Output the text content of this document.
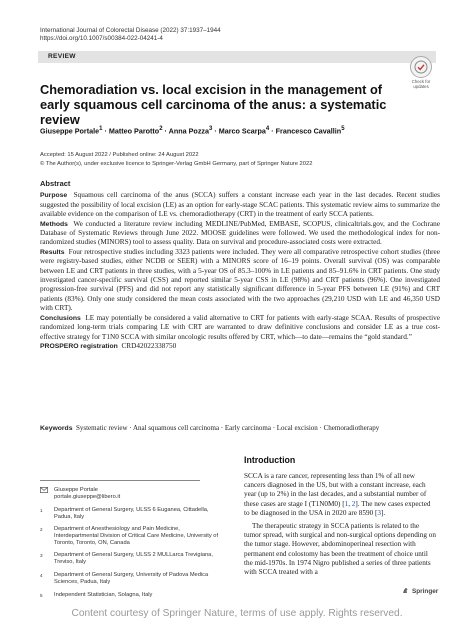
International Journal of Colorectal Disease (2022) 37:1937–1944
https://doi.org/10.1007/s00384-022-04241-4
REVIEW
Check for
updates
Chemoradiation vs. local excision in the management of early squamous cell carcinoma of the anus: a systematic review
Giuseppe Portale$^1$ · Matteo Parotto$^2$ · Anna Pozza$^3$ · Marco Scarpa$^4$ · Francesco Cavallin$^5$
Accepted: 15 August 2022 / Published online: 24 August 2022
© The Author(s), under exclusive licence to Springer-Verlag GmbH Germany, part of Springer Nature 2022
Abstract

Purpose Squamous cell carcinoma of the anus (SCCA) suffers a constant increase each year in the last decades. Recent studies suggested the possibility of local excision (LE) as an option for early-stage SCAC patients. This systematic review aims to summarize the available evidence on the comparison of LE vs. chemoradiotherapy (CRT) in the treatment of early SCCA patients.

Methods We conducted a literature review including MEDLINE/PubMed, EMBASE, SCOPUS, clinicaltrials.gov, and the Cochrane Database of Systematic Reviews through June 2022. MOOSE guidelines were followed. We used the methodological index for non-randomized studies (MINORS) tool to assess quality. Data on survival and procedure-associated costs were extracted.

Results Four retrospective studies including 3323 patients were included. They were all comparative retrospective cohort studies (three were registry-based studies, either NCDB or SEER) with a MINORS score of 16–19 points. Overall survival (OS) was comparable between LE and CRT patients in three studies, with a 5-year OS of 85.3–100% in LE patients and 85–91.6% in CRT patients. One study investigated cancer-specific survival (CSS) and reported similar 5-year CSS in LE (98%) and CRT patients (96%). One investigated progression-free survival (PFS) and did not report any statistically significant difference in 5-year PFS between LE (91%) and CRT patients (83%). Only one study considered the mean costs associated with the two approaches (29,210 USD with LE and 46,350 USD with CRT).

Conclusions LE may potentially be considered a valid alternative to CRT for patients with early-stage SCAA. Results of prospective randomized long-term trials comparing LE with CRT are warranted to draw definitive conclusions and consider LE as a true cost-effective strategy for T1N0 SCCA with similar oncologic results offered by CRT, which—to date—remains the “gold standard.”

PROSPERO registration CRD42022338750

Keywords Systematic review · Anal squamous cell carcinoma · Early carcinoma · Local excision · Chemoradiotherapy
Giuseppe Portale
portale.giuseppe@libero.it
1 Department of General Surgery, ULSS 6 Euganea, Cittadella, Padua, Italy
2 Department of Anesthesiology and Pain Medicine, Interdepartmental Division of Critical Care Medicine, University of Toronto, Toronto, ON, Canada
3 Department of General Surgery, ULSS 2 MULLarca Trevigiana, Treviso, Italy
4 Department of General Surgery, University of Padova Medica Sciences, Padua, Italy
5 Independent Statistician, Solagna, Italy
Introduction

SCCA is a rare cancer, representing less than 1% of all new cancers diagnosed in the US, but with a constant increase, each year (up to 2%) in the last decades, and a substantial number of these cases are stage I (T1N0M0) [1, 2]. The new cases expected to be diagnosed in the USA in 2020 are 8590 [3].

The therapeutic strategy in SCCA patients is related to the tumor spread, with surgical and non-surgical options depending on the tumor stage. However, abdominoperineal resection with permanent end colostomy has been the treatment of choice until the mid-1970s. In 1974 Nigro published a series of three patients with SCCA treated with a

Springer
Content courtesy of Springer Nature, terms of use apply. Rights reserved.
